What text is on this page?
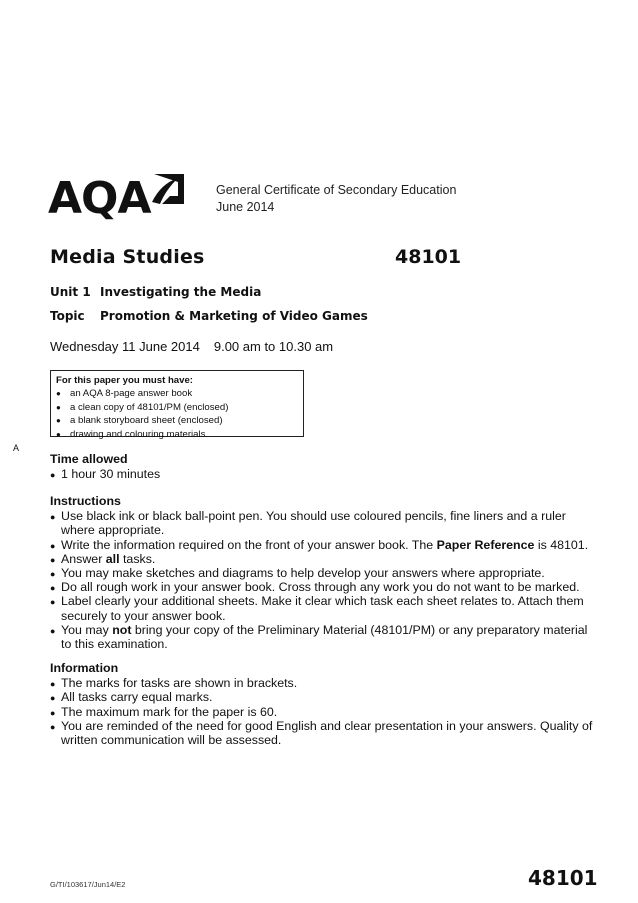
AQA	General Certificate of Secondary Education
June 2014
Media Studies	48101
Unit 1 Investigating the Media
Topic Promotion & Marketing of Video Games
Wednesday 11 June 2014 9.00 am to 10.30 am
For this paper you must have:
● an AQA 8-page answer book
● a clean copy of 48101/PM (enclosed)
● a blank storyboard sheet (enclosed)
● drawing and colouring materials.
A
Time allowed
● 1 hour 30 minutes
Instructions
● Use black ink or black ball-point pen. You should use coloured pencils, fine liners and a ruler where appropriate.
● Write the information required on the front of your answer book. The Paper Reference is 48101.
● Answer all tasks.
● You may make sketches and diagrams to help develop your answers where appropriate.
● Do all rough work in your answer book. Cross through any work you do not want to be marked.
● Label clearly your additional sheets. Make it clear which task each sheet relates to. Attach them securely to your answer book.
● You may not bring your copy of the Preliminary Material (48101/PM) or any preparatory material to this examination.
Information
● The marks for tasks are shown in brackets.
● All tasks carry equal marks.
● The maximum mark for the paper is 60.
● You are reminded of the need for good English and clear presentation in your answers. Quality of written communication will be assessed.
G/TI/103617/Jun14/E2	48101
